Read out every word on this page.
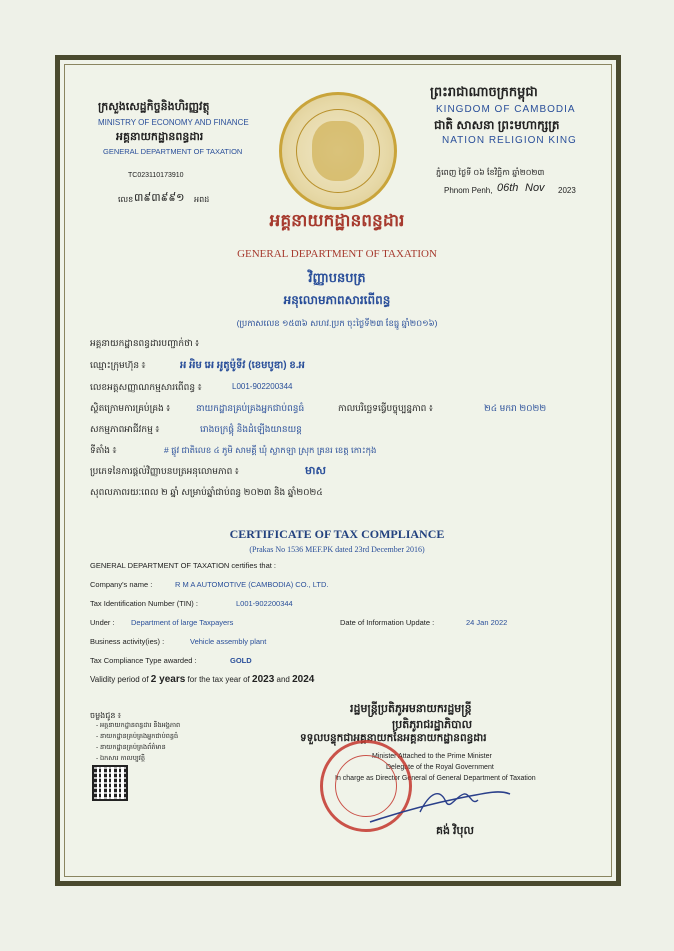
ក្រសួងសេដ្ឋកិច្ចនិងហិរញ្ញវត្ថុ
MINISTRY OF ECONOMY AND FINANCE
អគ្គនាយកដ្ឋានពន្ធដារ
GENERAL DEPARTMENT OF TAXATION
TC023110173910
លេខ ៣៩៣៩៩១ អពដ
ព្រះរាជាណាចក្រកម្ពុជា
KINGDOM OF CAMBODIA
ជាតិ សាសនា ព្រះមហាក្សត្រ
NATION RELIGION KING
ភ្នំពេញ ថ្ងៃទី ០៦ ខែវិច្ឆិកា ឆ្នាំ២០២៣
Phnom Penh, 06th Nov 2023
អគ្គនាយកដ្ឋានពន្ធដារ
GENERAL DEPARTMENT OF TAXATION
វិញ្ញាបនបត្រ
អនុលោមភាពសារពើពន្ធ
(ប្រកាសលេខ ១៥៣៦ សហវ.ប្រក ចុះថ្ងៃទី២៣ ខែធ្នូ ឆ្នាំ២០១៦)
អគ្គនាយកដ្ឋានពន្ធដារបញ្ជាក់ថា ៖
ឈ្មោះក្រុមហ៊ុន ៖	អ អិម អេ អូតូម៉ូទីវ (ខេមបូឌា) ខ.អ
លេខអត្តសញ្ញាណកម្មសារពើពន្ធ ៖	L001-902200344
ស្ថិតក្រោមការគ្រប់គ្រង ៖	នាយកដ្ឋានគ្រប់គ្រងអ្នកជាប់ពន្ធធំ	កាលបរិច្ឆេទធ្វើបច្ចុប្បន្នភាព ៖	២៤ មករា ២០២២
សកម្មភាពអាជីវកម្ម ៖	រោងចក្រផ្គុំ និងដំឡើងយានយន្ត
ទីតាំង ៖	# ផ្លូវ ជាតិលេខ ៤ ភូមិ សាមគ្គី ឃុំ ស្លាកឡា ស្រុក គ្រនរ ខេត្ត កោះកុង
ប្រភេទនៃការផ្តល់វិញ្ញាបនបត្រអនុលោមភាព ៖	មាស
សុពលភាពរយៈពេល ២ ឆ្នាំ សម្រាប់ឆ្នាំជាប់ពន្ធ ២០២៣ និង ឆ្នាំ២០២៤
CERTIFICATE OF TAX COMPLIANCE
(Prakas No 1536 MEF.PK dated 23rd December 2016)
GENERAL DEPARTMENT OF TAXATION certifies that :
Company's name :	R M A AUTOMOTIVE (CAMBODIA) CO., LTD.
Tax Identification Number (TIN) :	L001-902200344
Under : Department of large Taxpayers	Date of Information Update :	24 Jan 2022
Business activity(ies) :	Vehicle assembly plant
Tax Compliance Type awarded :	GOLD
Validity period of 2 years for the tax year of 2023 and 2024
ចម្លងជូន ៖
- អគ្គនាយកដ្ឋានពន្ធដារ និងអង្គភាព
- នាយកដ្ឋានគ្រប់គ្រងអ្នកជាប់ពន្ធធំ
- នាយកដ្ឋានគ្រប់គ្រងព័ត៌មាន
- ឯកសារ កាលប្បវត្តិ
រដ្ឋមន្រ្តីប្រតិភូអមនាយករដ្ឋមន្ត្រី
ប្រតិភូរាជរដ្ឋាភិបាល
ទទួលបន្ទុកជាអគ្គនាយកនៃអគ្គនាយកដ្ឋានពន្ធដារ
Minister Attached to the Prime Minister
Delegate of the Royal Government
In charge as Director General of General Department of Taxation
គង់ វិបុល
